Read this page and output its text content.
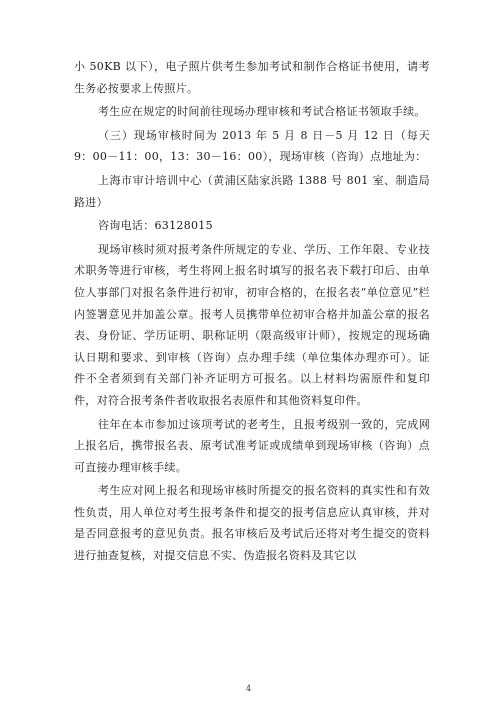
小 50KB 以下），电子照片供考生参加考试和制作合格证书使用，请考生务必按要求上传照片。

考生应在规定的时间前往现场办理审核和考试合格证书领取手续。

（三）现场审核时间为 2013 年 5 月 8 日－5 月 12 日（每天 9：00－11：00，13：30－16：00），现场审核（咨询）点地址为：

上海市审计培训中心（黄浦区陆家浜路 1388 号 801 室、制造局路进）

咨询电话：63128015

现场审核时须对报考条件所规定的专业、学历、工作年限、专业技术职务等进行审核，考生将网上报名时填写的报名表下载打印后、由单位人事部门对报名条件进行初审，初审合格的，在报名表“单位意见”栏内签署意见并加盖公章。报考人员携带单位初审合格并加盖公章的报名表、身份证、学历证明、职称证明（限高级审计师），按规定的现场确认日期和要求、到审核（咨询）点办理手续（单位集体办理亦可）。证件不全者须到有关部门补齐证明方可报名。以上材料均需原件和复印件，对符合报考条件者收取报名表原件和其他资料复印件。

往年在本市参加过该项考试的老考生，且报考级别一致的，完成网上报名后，携带报名表、原考试准考证或成绩单到现场审核（咨询）点可直接办理审核手续。

考生应对网上报名和现场审核时所提交的报名资料的真实性和有效性负责，用人单位对考生报考条件和提交的报考信息应认真审核，并对是否同意报考的意见负责。报名审核后及考试后还将对考生提交的资料进行抽查复核，对提交信息不实、伪造报名资料及其它以

4
